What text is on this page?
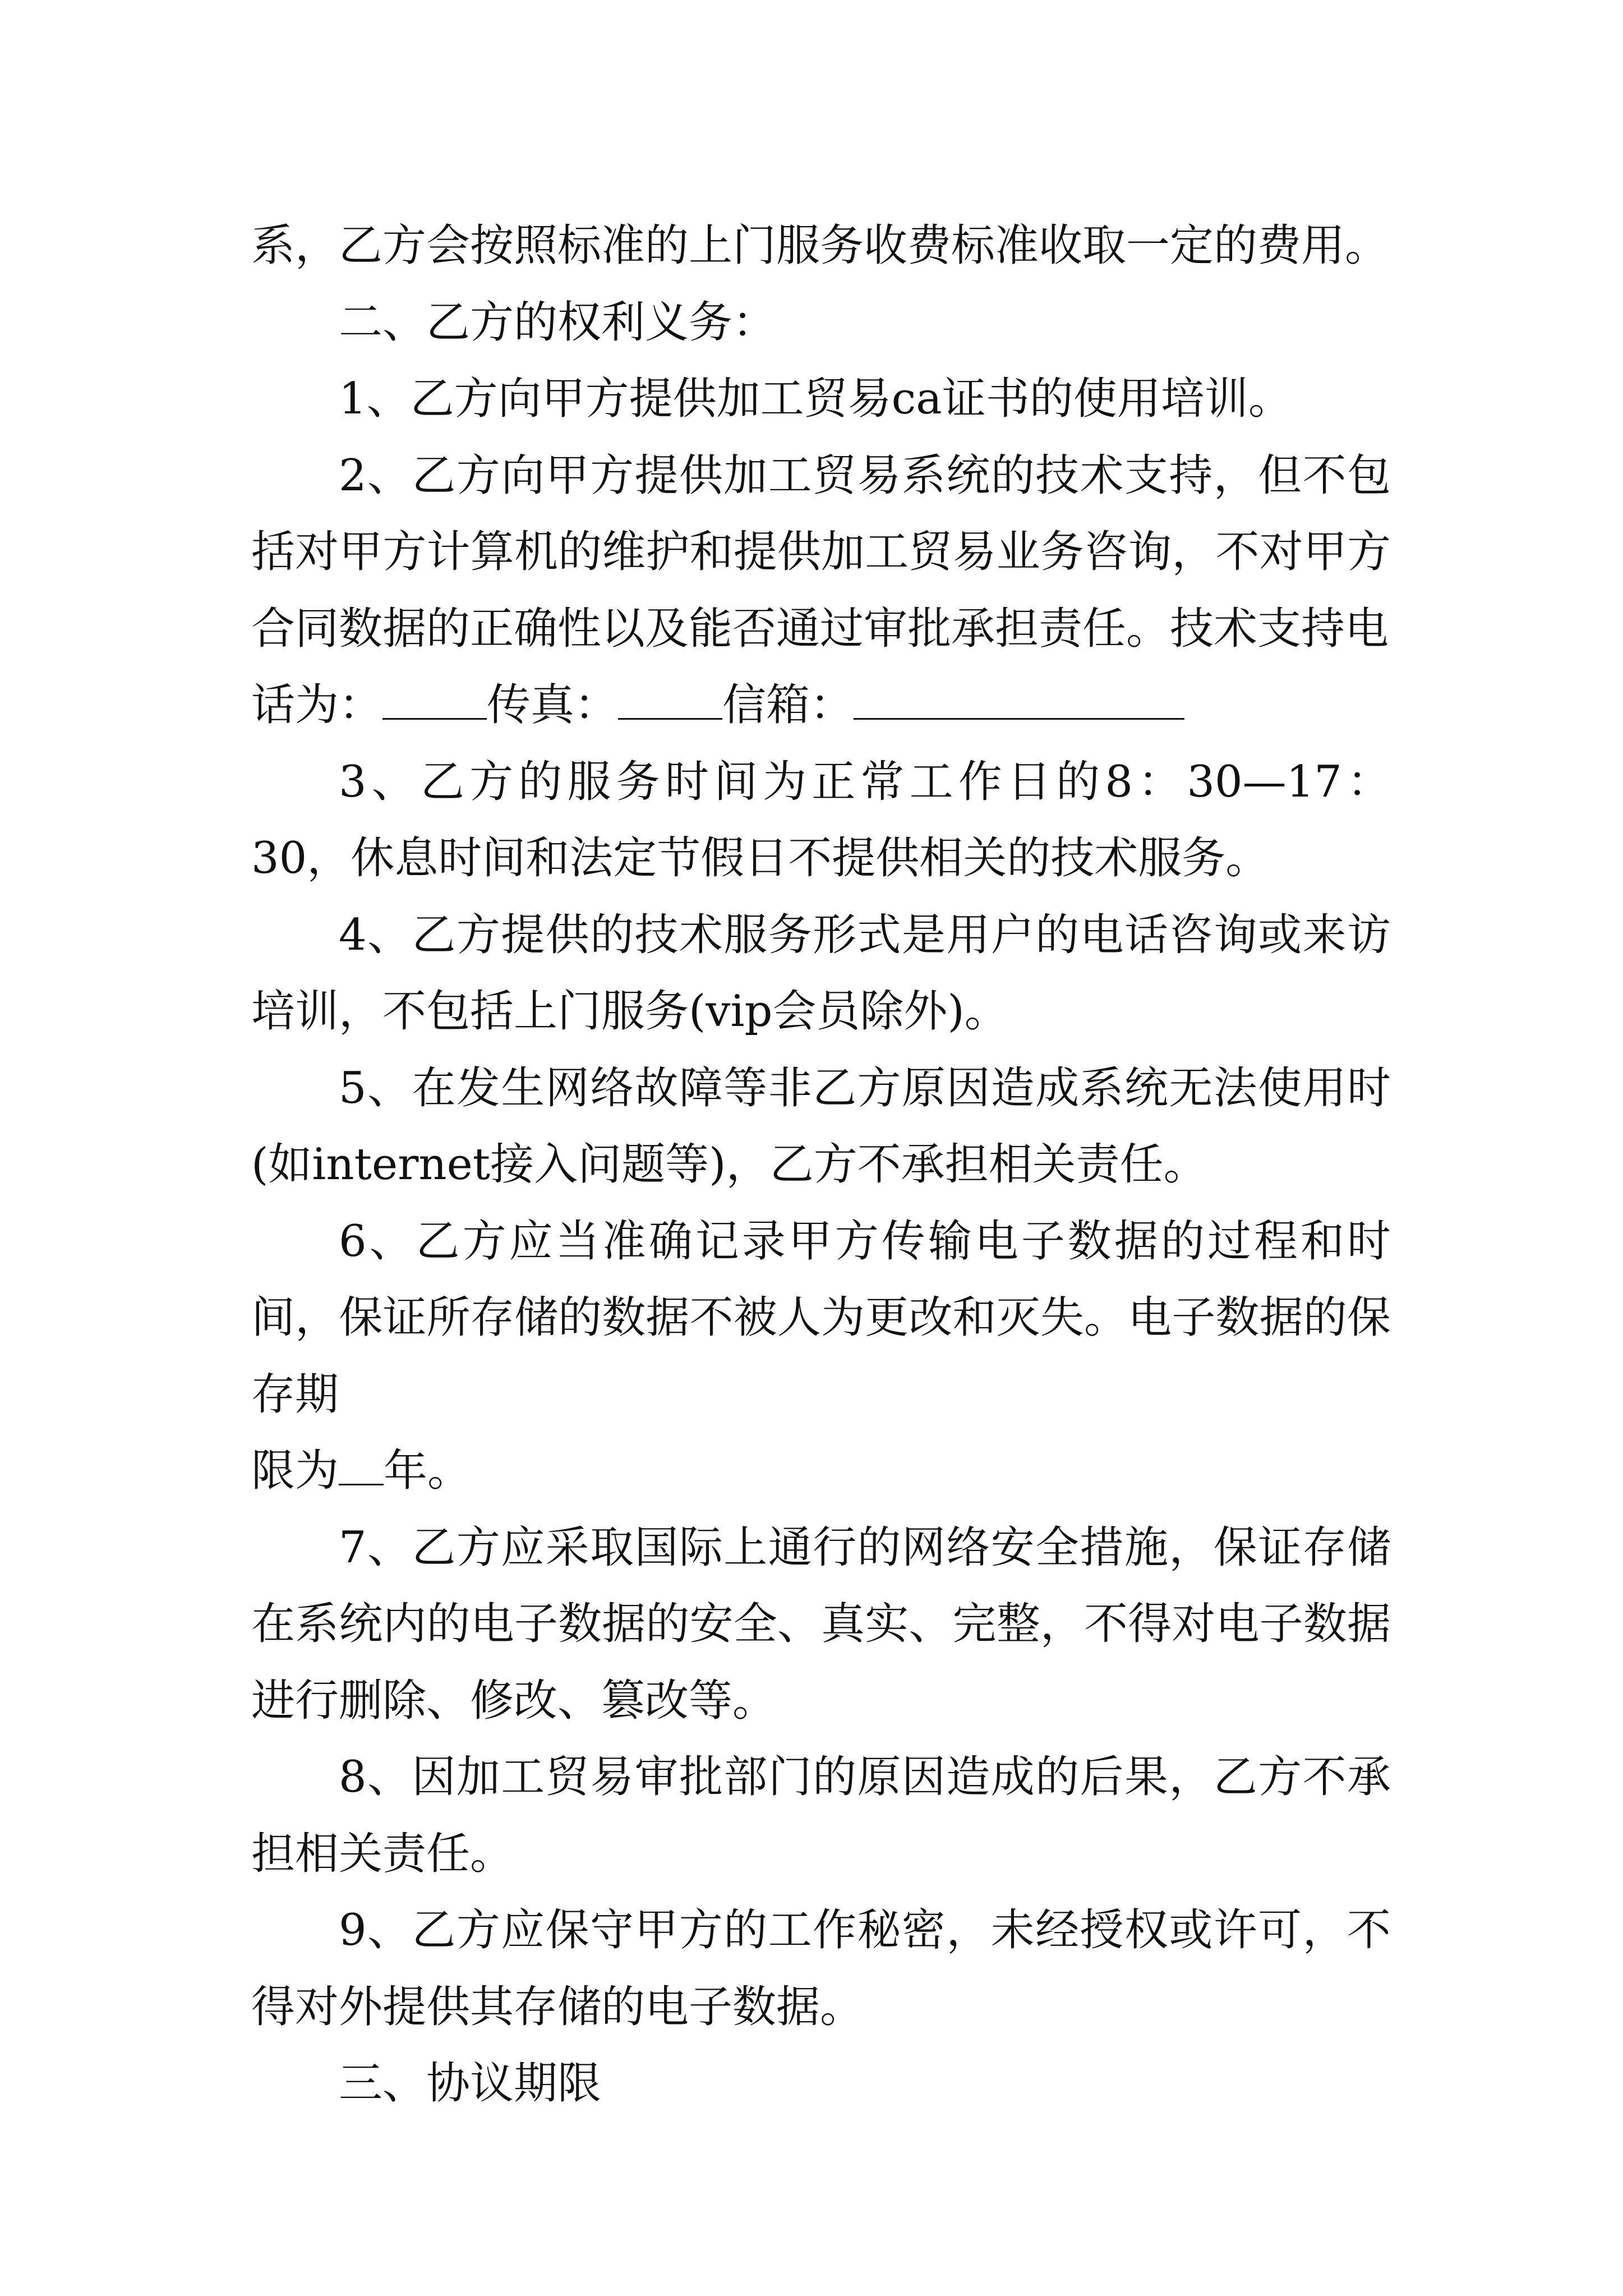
系，乙方会按照标准的上门服务收费标准收取一定的费用。

二、乙方的权利义务：

1、乙方向甲方提供加工贸易ca证书的使用培训。

2、乙方向甲方提供加工贸易系统的技术支持，但不包括对甲方计算机的维护和提供加工贸易业务咨询，不对甲方合同数据的正确性以及能否通过审批承担责任。技术支持电

话为： 传真： 信箱：

3、乙方的服务时间为正常工作日的8：30—17：30，休息时间和法定节假日不提供相关的技术服务。

4、乙方提供的技术服务形式是用户的电话咨询或来访培训，不包括上门服务(vip会员除外)。

5、在发生网络故障等非乙方原因造成系统无法使用时(如internet接入问题等)，乙方不承担相关责任。

6、乙方应当准确记录甲方传输电子数据的过程和时间，保证所存储的数据不被人为更改和灭失。电子数据的保存期

限为 年。

7、乙方应采取国际上通行的网络安全措施，保证存储在系统内的电子数据的安全、真实、完整，不得对电子数据进行删除、修改、篡改等。

8、因加工贸易审批部门的原因造成的后果，乙方不承担相关责任。

9、乙方应保守甲方的工作秘密，未经授权或许可，不得对外提供其存储的电子数据。

三、协议期限
